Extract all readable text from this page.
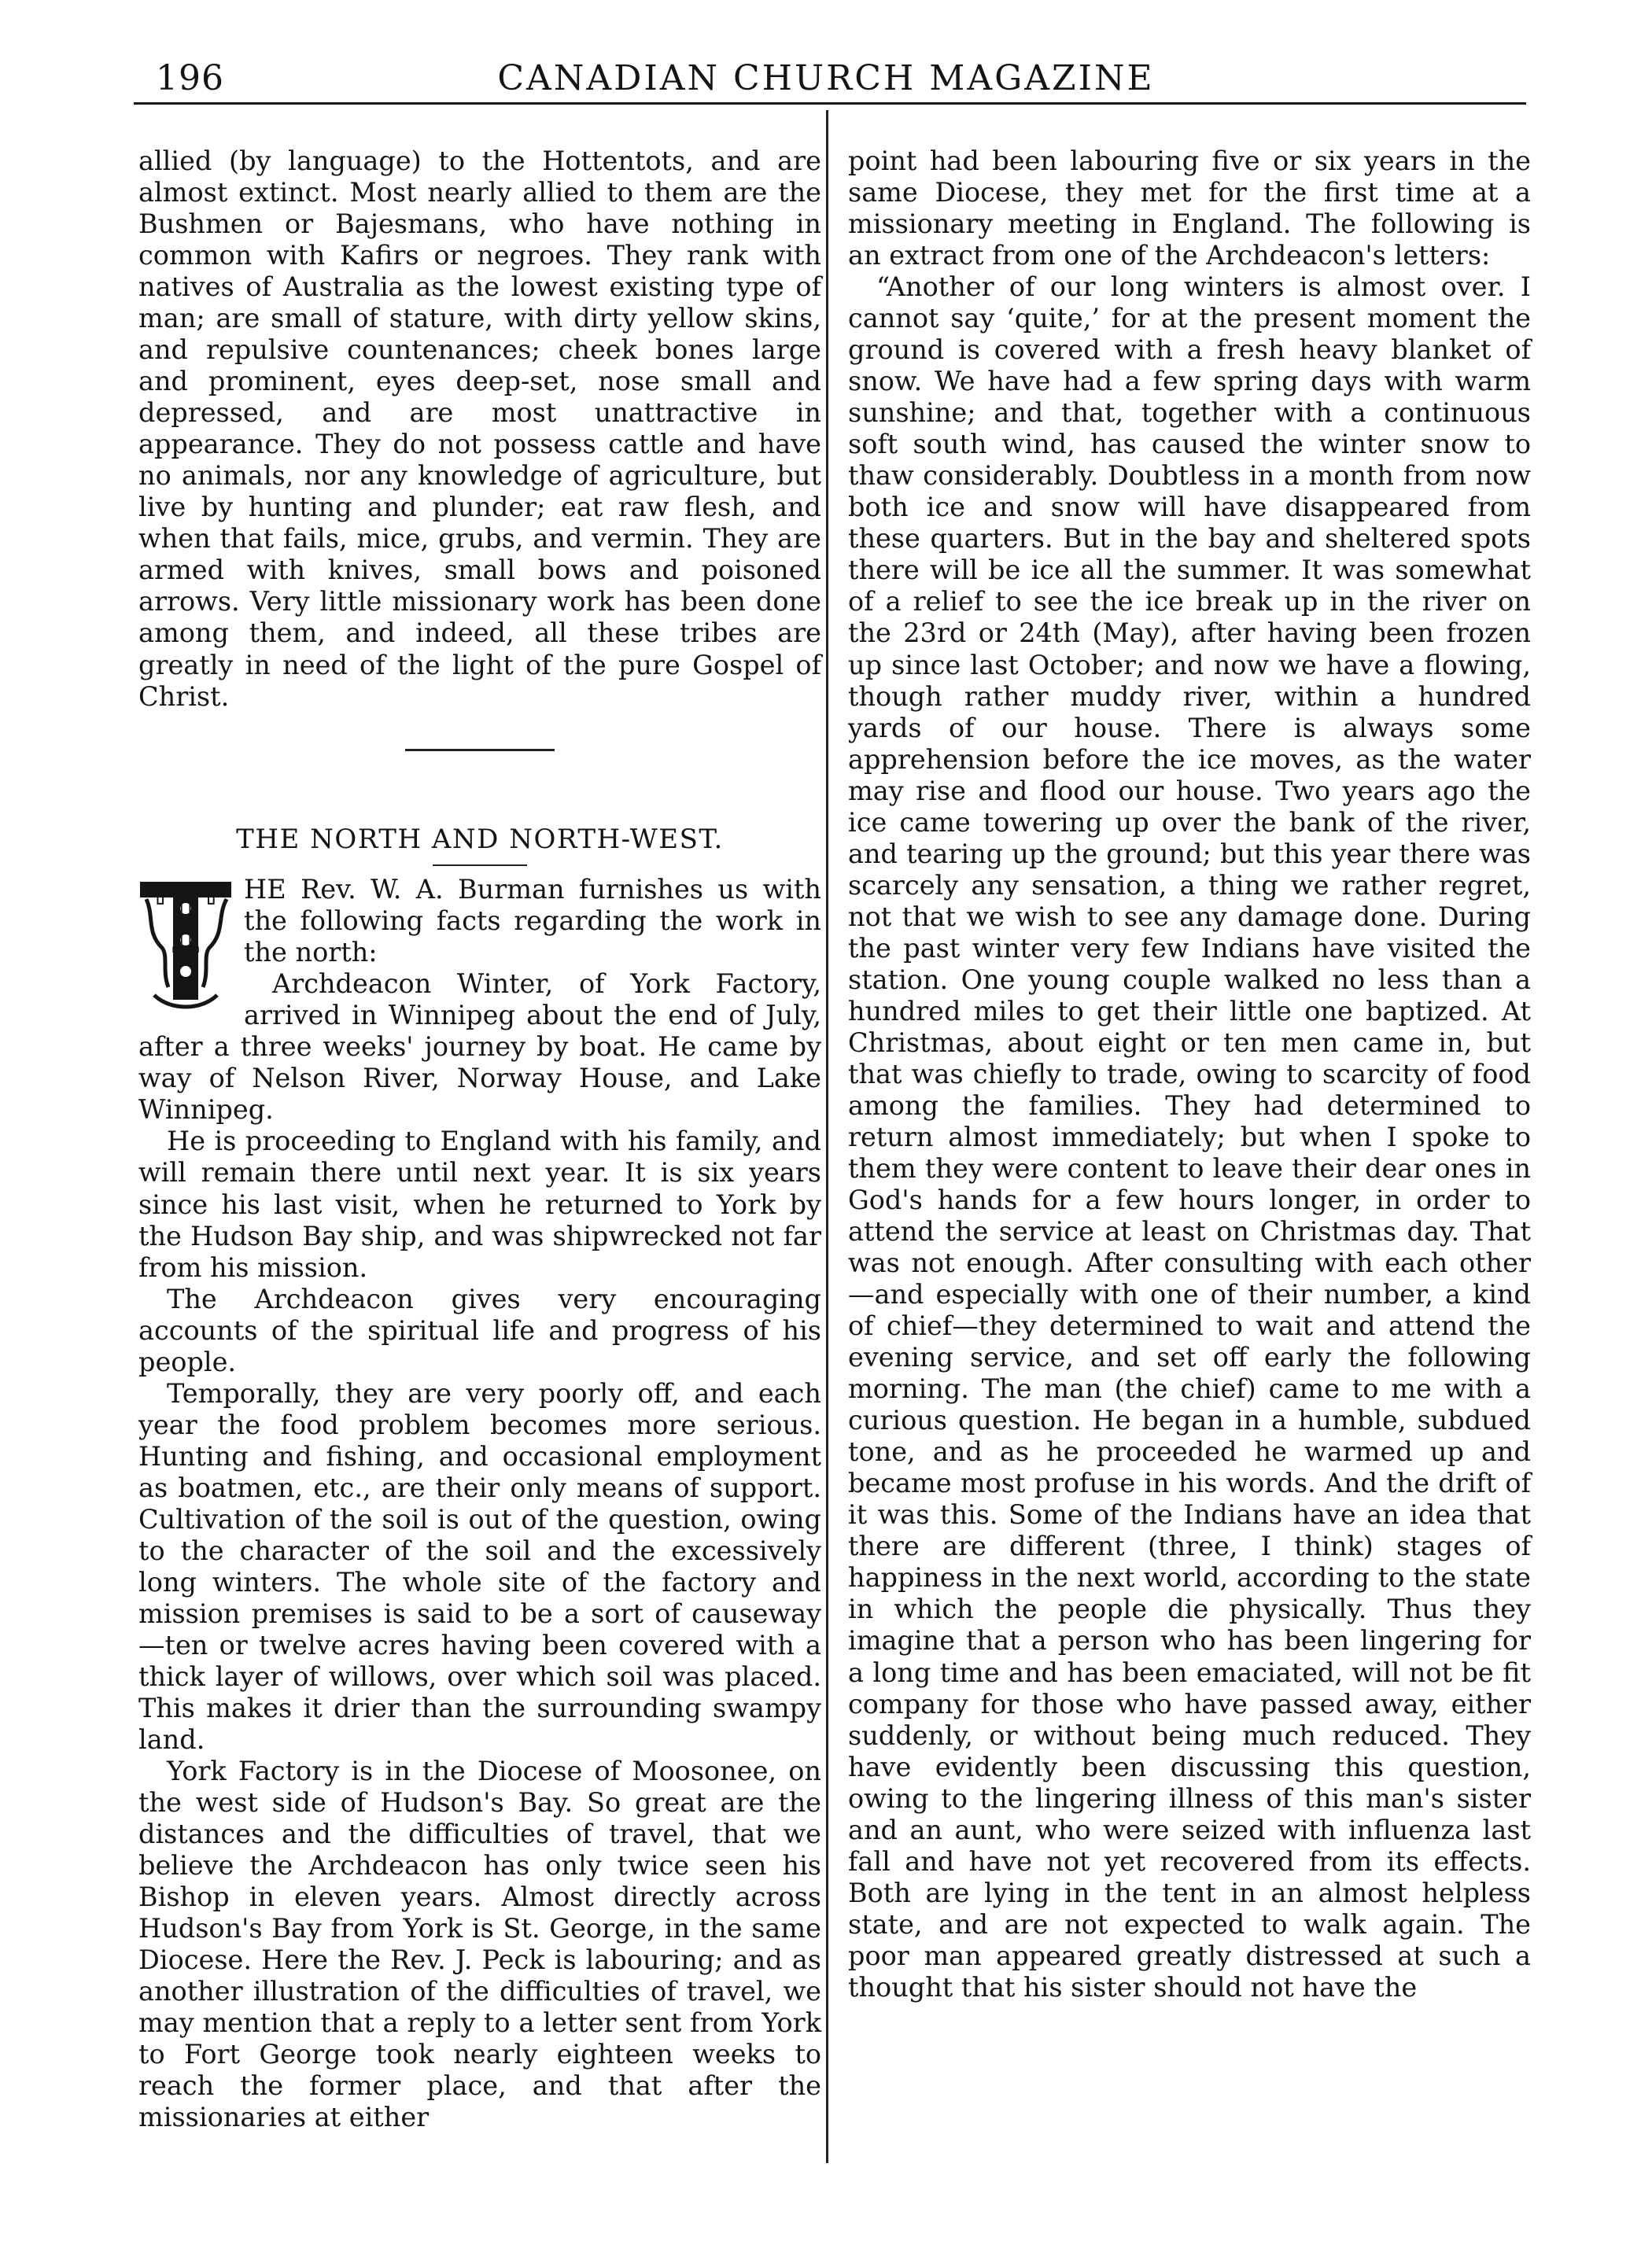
196	CANADIAN CHURCH MAGAZINE

allied (by language) to the Hottentots, and are almost extinct. Most nearly allied to them are the Bushmen or Bajesmans, who have nothing in common with Kafirs or negroes. They rank with natives of Australia as the lowest existing type of man; are small of stature, with dirty yellow skins, and repulsive countenances; cheek bones large and prominent, eyes deep-set, nose small and depressed, and are most unattractive in appearance. They do not possess cattle and have no animals, nor any knowledge of agriculture, but live by hunting and plunder; eat raw flesh, and when that fails, mice, grubs, and vermin. They are armed with knives, small bows and poisoned arrows. Very little missionary work has been done among them, and indeed, all these tribes are greatly in need of the light of the pure Gospel of Christ.

THE NORTH AND NORTH-WEST.

T HE Rev. W. A. Burman furnishes us with the following facts regarding the work in the north:

Archdeacon Winter, of York Factory, arrived in Winnipeg about the end of July, after a three weeks' journey by boat. He came by way of Nelson River, Norway House, and Lake Winnipeg.

He is proceeding to England with his family, and will remain there until next year. It is six years since his last visit, when he returned to York by the Hudson Bay ship, and was shipwrecked not far from his mission.

The Archdeacon gives very encouraging accounts of the spiritual life and progress of his people.

Temporally, they are very poorly off, and each year the food problem becomes more serious. Hunting and fishing, and occasional employment as boatmen, etc., are their only means of support. Cultivation of the soil is out of the question, owing to the character of the soil and the excessively long winters. The whole site of the factory and mission premises is said to be a sort of causeway—ten or twelve acres having been covered with a thick layer of willows, over which soil was placed. This makes it drier than the surrounding swampy land.

York Factory is in the Diocese of Moosonee, on the west side of Hudson's Bay. So great are the distances and the difficulties of travel, that we believe the Archdeacon has only twice seen his Bishop in eleven years. Almost directly across Hudson's Bay from York is St. George, in the same Diocese. Here the Rev. J. Peck is labouring; and as another illustration of the difficulties of travel, we may mention that a reply to a letter sent from York to Fort George took nearly eighteen weeks to reach the former place, and that after the missionaries at either

point had been labouring five or six years in the same Diocese, they met for the first time at a missionary meeting in England. The following is an extract from one of the Archdeacon's letters:

“Another of our long winters is almost over. I cannot say ‘quite,’ for at the present moment the ground is covered with a fresh heavy blanket of snow. We have had a few spring days with warm sunshine; and that, together with a continuous soft south wind, has caused the winter snow to thaw considerably. Doubtless in a month from now both ice and snow will have disappeared from these quarters. But in the bay and sheltered spots there will be ice all the summer. It was somewhat of a relief to see the ice break up in the river on the 23rd or 24th (May), after having been frozen up since last October; and now we have a flowing, though rather muddy river, within a hundred yards of our house. There is always some apprehension before the ice moves, as the water may rise and flood our house. Two years ago the ice came towering up over the bank of the river, and tearing up the ground; but this year there was scarcely any sensation, a thing we rather regret, not that we wish to see any damage done. During the past winter very few Indians have visited the station. One young couple walked no less than a hundred miles to get their little one baptized. At Christmas, about eight or ten men came in, but that was chiefly to trade, owing to scarcity of food among the families. They had determined to return almost immediately; but when I spoke to them they were content to leave their dear ones in God's hands for a few hours longer, in order to attend the service at least on Christmas day. That was not enough. After consulting with each other—and especially with one of their number, a kind of chief—they determined to wait and attend the evening service, and set off early the following morning. The man (the chief) came to me with a curious question. He began in a humble, subdued tone, and as he proceeded he warmed up and became most profuse in his words. And the drift of it was this. Some of the Indians have an idea that there are different (three, I think) stages of happiness in the next world, according to the state in which the people die physically. Thus they imagine that a person who has been lingering for a long time and has been emaciated, will not be fit company for those who have passed away, either suddenly, or without being much reduced. They have evidently been discussing this question, owing to the lingering illness of this man's sister and an aunt, who were seized with influenza last fall and have not yet recovered from its effects. Both are lying in the tent in an almost helpless state, and are not expected to walk again. The poor man appeared greatly distressed at such a thought that his sister should not have the
